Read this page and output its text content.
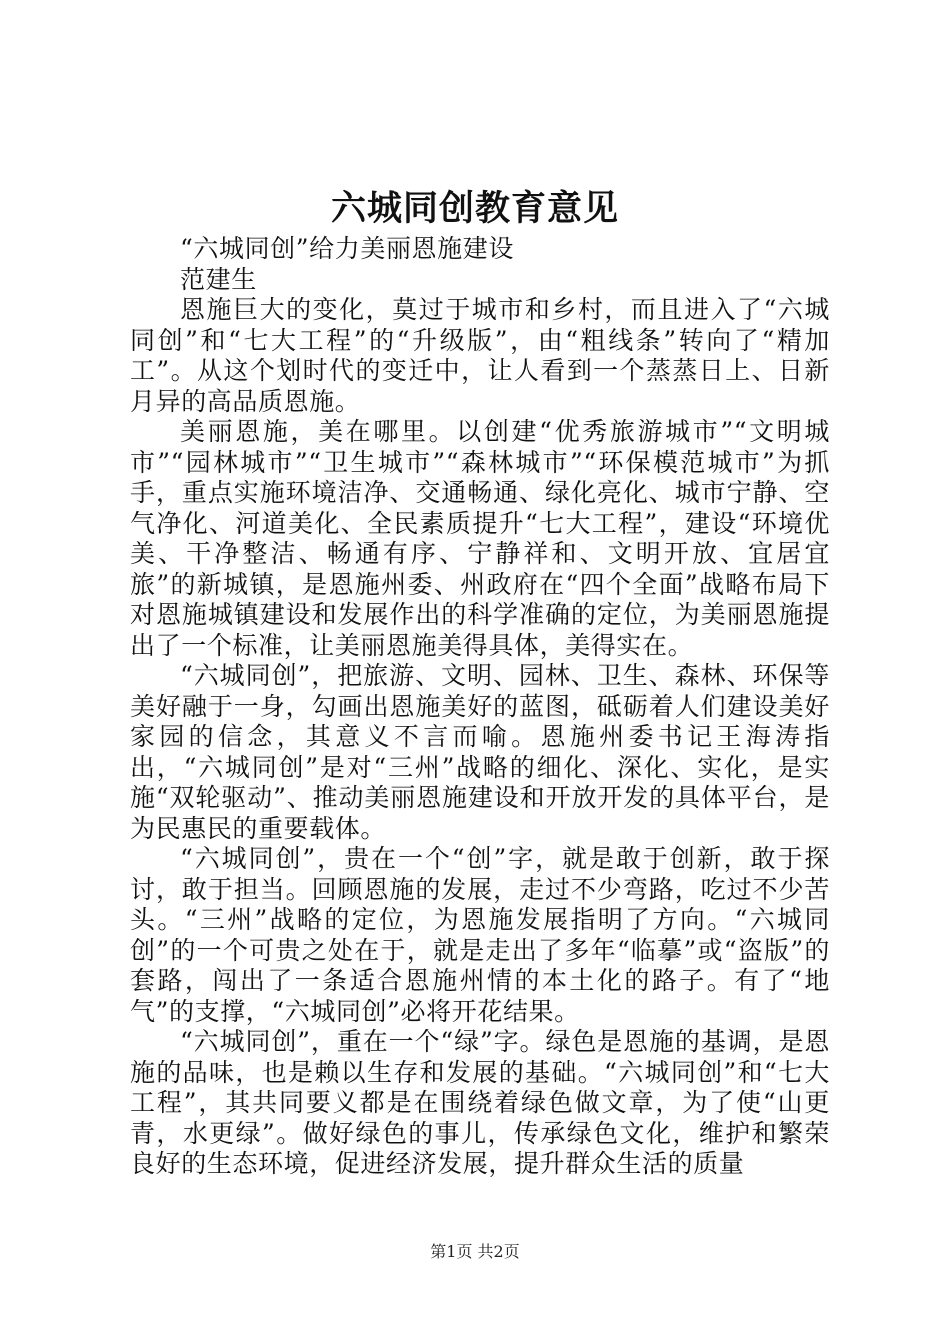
六城同创教育意见

“六城同创”给力美丽恩施建设

范建生

恩施巨大的变化，莫过于城市和乡村，而且进入了“六城同创”和“七大工程”的“升级版”，由“粗线条”转向了“精加工”。从这个划时代的变迁中，让人看到一个蒸蒸日上、日新月异的高品质恩施。

美丽恩施，美在哪里。以创建“优秀旅游城市”“文明城市”“园林城市”“卫生城市”“森林城市”“环保模范城市”为抓手，重点实施环境洁净、交通畅通、绿化亮化、城市宁静、空气净化、河道美化、全民素质提升“七大工程”，建设“环境优美、干净整洁、畅通有序、宁静祥和、文明开放、宜居宜旅”的新城镇，是恩施州委、州政府在“四个全面”战略布局下对恩施城镇建设和发展作出的科学准确的定位，为美丽恩施提出了一个标准，让美丽恩施美得具体，美得实在。

“六城同创”，把旅游、文明、园林、卫生、森林、环保等美好融于一身，勾画出恩施美好的蓝图，砥砺着人们建设美好家园的信念，其意义不言而喻。恩施州委书记王海涛指出，“六城同创”是对“三州”战略的细化、深化、实化，是实施“双轮驱动”、推动美丽恩施建设和开放开发的具体平台，是为民惠民的重要载体。

“六城同创”，贵在一个“创”字，就是敢于创新，敢于探讨，敢于担当。回顾恩施的发展，走过不少弯路，吃过不少苦头。“三州”战略的定位，为恩施发展指明了方向。“六城同创”的一个可贵之处在于，就是走出了多年“临摹”或“盗版”的套路，闯出了一条适合恩施州情的本土化的路子。有了“地气”的支撑，“六城同创”必将开花结果。

“六城同创”，重在一个“绿”字。绿色是恩施的基调，是恩施的品味，也是赖以生存和发展的基础。“六城同创”和“七大工程”，其共同要义都是在围绕着绿色做文章，为了使“山更青，水更绿”。做好绿色的事儿，传承绿色文化，维护和繁荣良好的生态环境，促进经济发展，提升群众生活的质量

第1页 共2页
